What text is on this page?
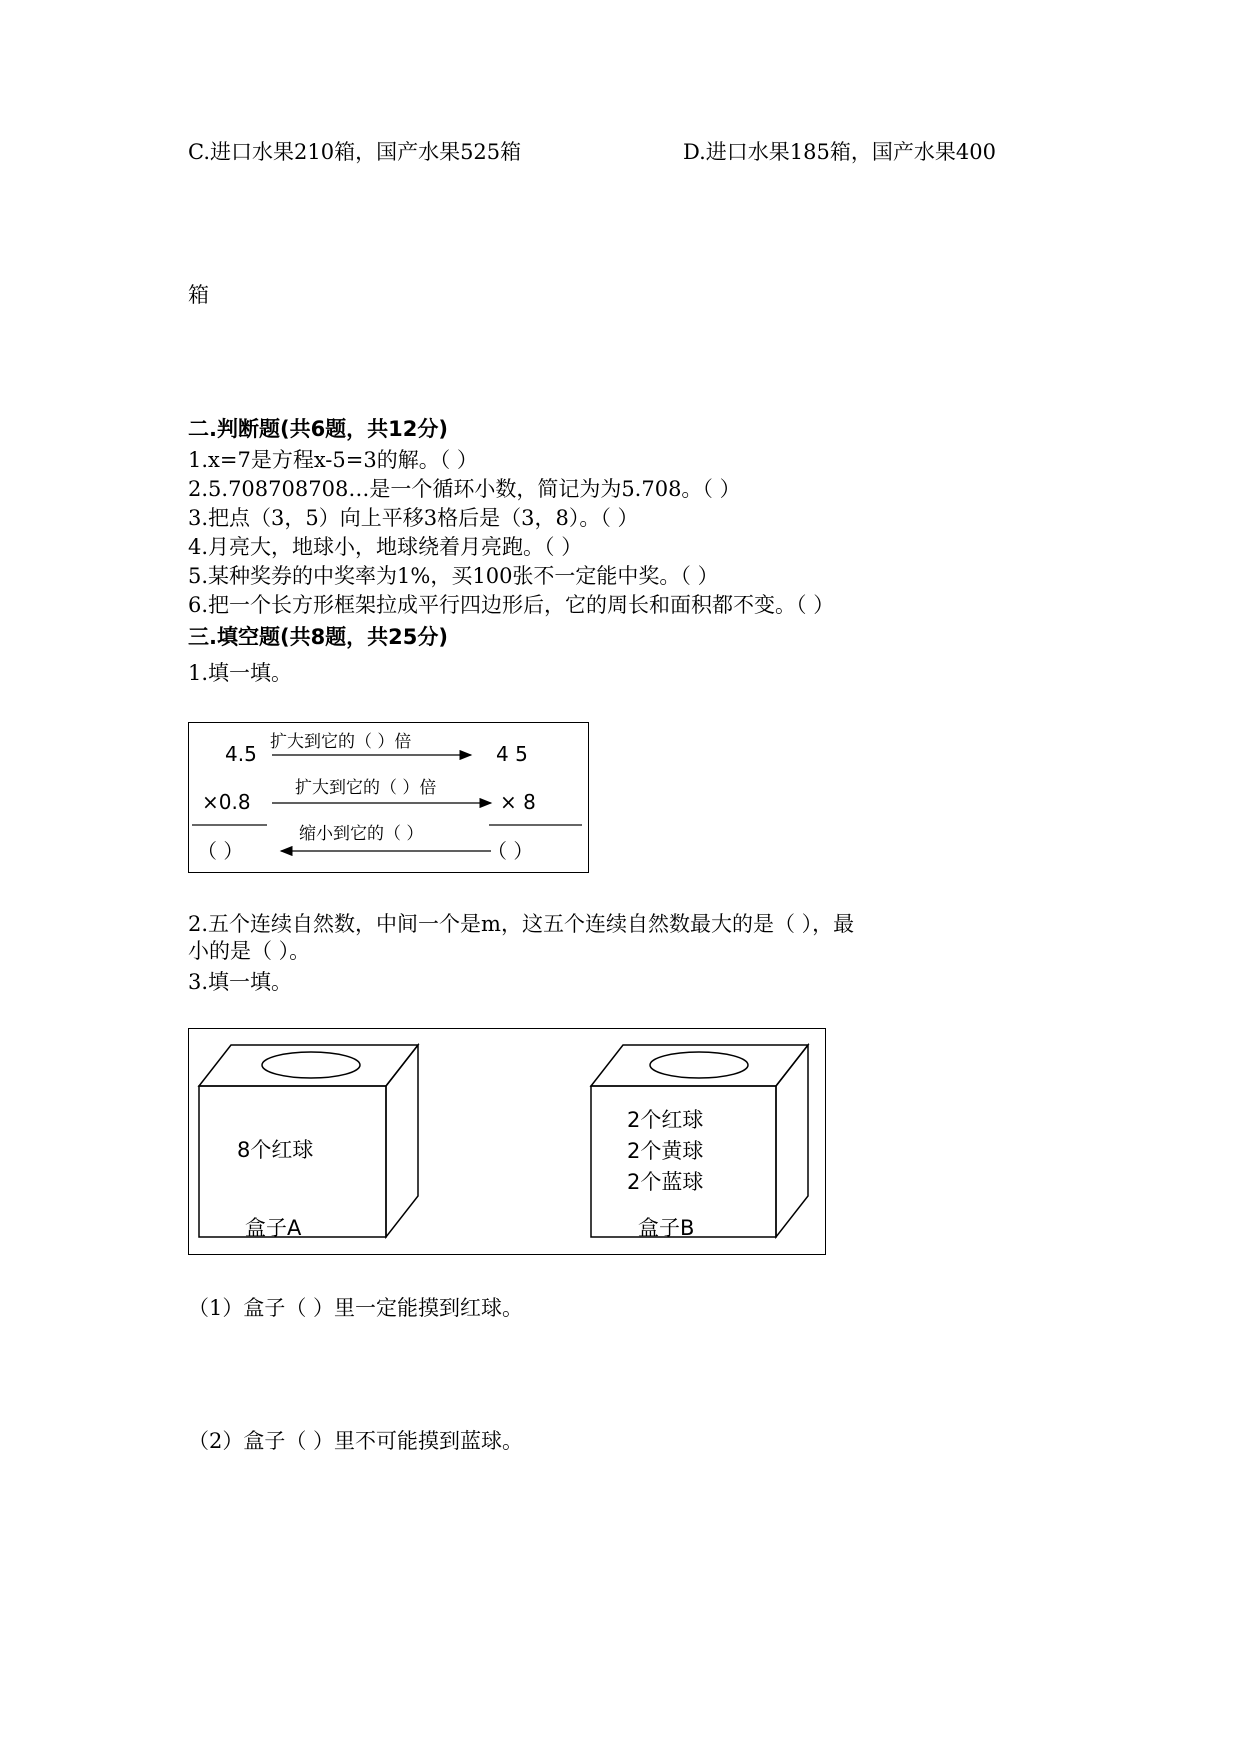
C.进口水果210箱，国产水果525箱	D.进口水果185箱，国产水果400
箱
二.判断题(共6题，共12分)
1.x=7是方程x-5=3的解。（ ）
2.5.708708708…是一个循环小数，简记为为5.708。（ ）
3.把点（3，5）向上平移3格后是（3，8）。（ ）
4.月亮大，地球小，地球绕着月亮跑。（ ）
5.某种奖券的中奖率为1%，买100张不一定能中奖。（ ）
6.把一个长方形框架拉成平行四边形后，它的周长和面积都不变。（ ）
三.填空题(共8题，共25分)
1.填一填。
4.5 扩大到它的（ ）倍	4 5
×0.8
扩大到它的（ ）倍
× 8
缩小到它的（ ）
（ ）	（ ）
2.五个连续自然数，中间一个是m，这五个连续自然数最大的是（ ），最
小的是（ ）。
3.填一填。
8个红球
盒子A
2个红球
2个黄球
2个蓝球
盒子B
（1）盒子（ ）里一定能摸到红球。
（2）盒子（ ）里不可能摸到蓝球。
